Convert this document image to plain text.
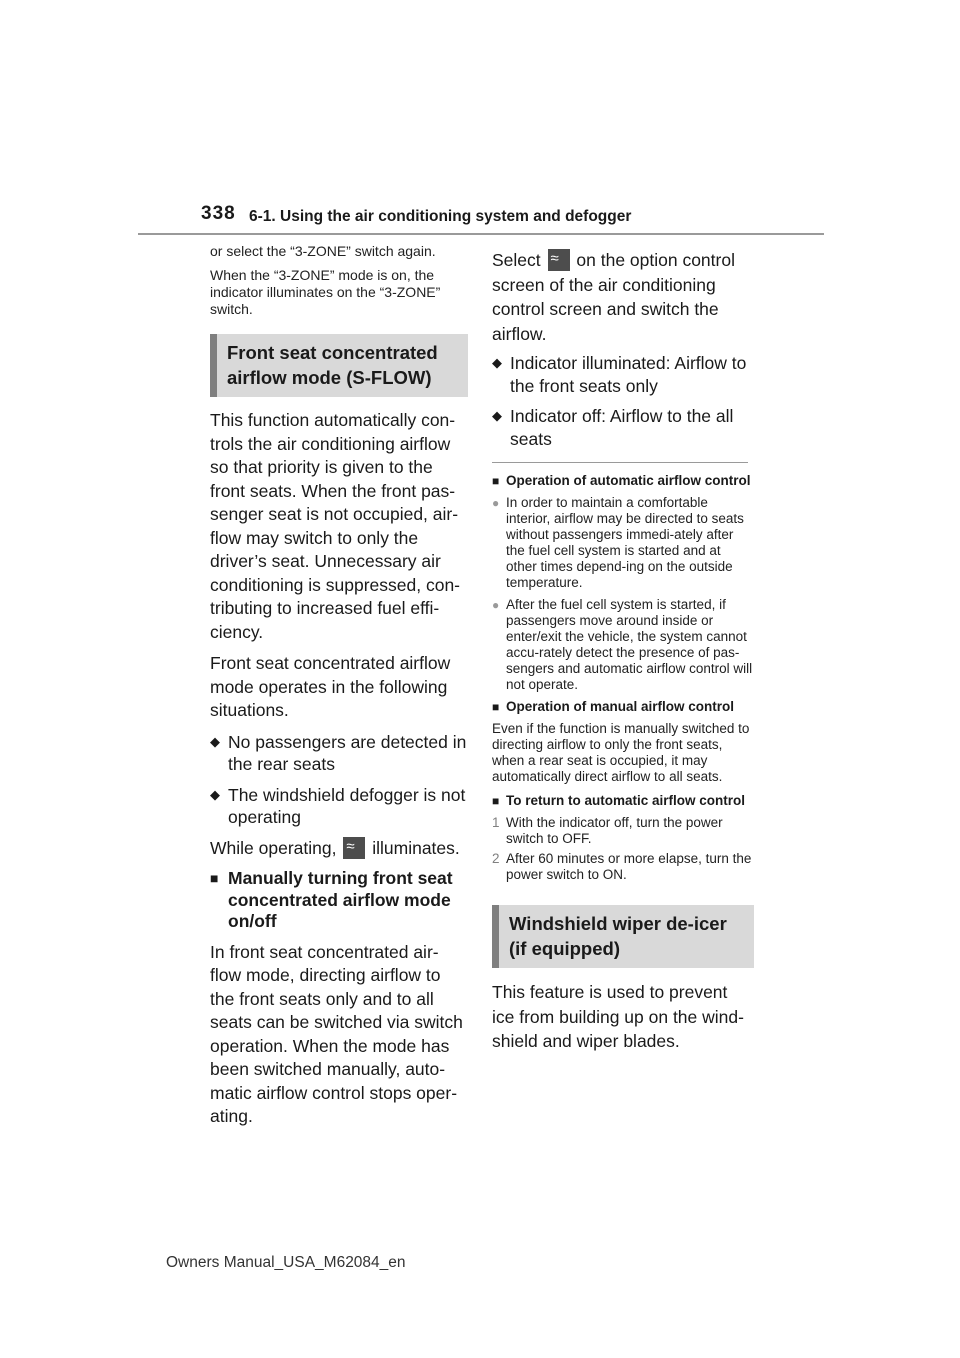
338 6-1. Using the air conditioning system and defogger

or select the “3-ZONE” switch again.

When the “3-ZONE” mode is on, the indicator illuminates on the “3-ZONE” switch.

Front seat concentrated airflow mode (S-FLOW)

This function automatically con-trols the air conditioning airflow so that priority is given to the front seats. When the front pas-senger seat is not occupied, air-flow may switch to only the driver’s seat. Unnecessary air conditioning is suppressed, con-tributing to increased fuel effi-ciency.

Front seat concentrated airflow mode operates in the following situations.

◆ No passengers are detected in the rear seats
◆ The windshield defogger is not operating

While operating, ≈ illuminates.

■ Manually turning front seat concentrated airflow mode on/off

In front seat concentrated air-flow mode, directing airflow to the front seats only and to all seats can be switched via switch operation. When the mode has been switched manually, auto-matic airflow control stops oper-ating.

Select ≈ on the option control screen of the air conditioning control screen and switch the airflow.

◆ Indicator illuminated: Airflow to the front seats only
◆ Indicator off: Airflow to the all seats
■ Operation of automatic airflow control
● In order to maintain a comfortable interior, airflow may be directed to seats without passengers immedi-ately after the fuel cell system is started and at other times depend-ing on the outside temperature.
● After the fuel cell system is started, if passengers move around inside or enter/exit the vehicle, the system cannot accu-rately detect the presence of pas-sengers and automatic airflow control will not operate.
■ Operation of manual airflow control

Even if the function is manually switched to directing airflow to only the front seats, when a rear seat is occupied, it may automatically direct airflow to all seats.

■ To return to automatic airflow control
1 With the indicator off, turn the power switch to OFF.
2 After 60 minutes or more elapse, turn the power switch to ON.
Windshield wiper de-icer (if equipped)

This feature is used to prevent ice from building up on the wind-shield and wiper blades.

Owners Manual_USA_M62084_en
